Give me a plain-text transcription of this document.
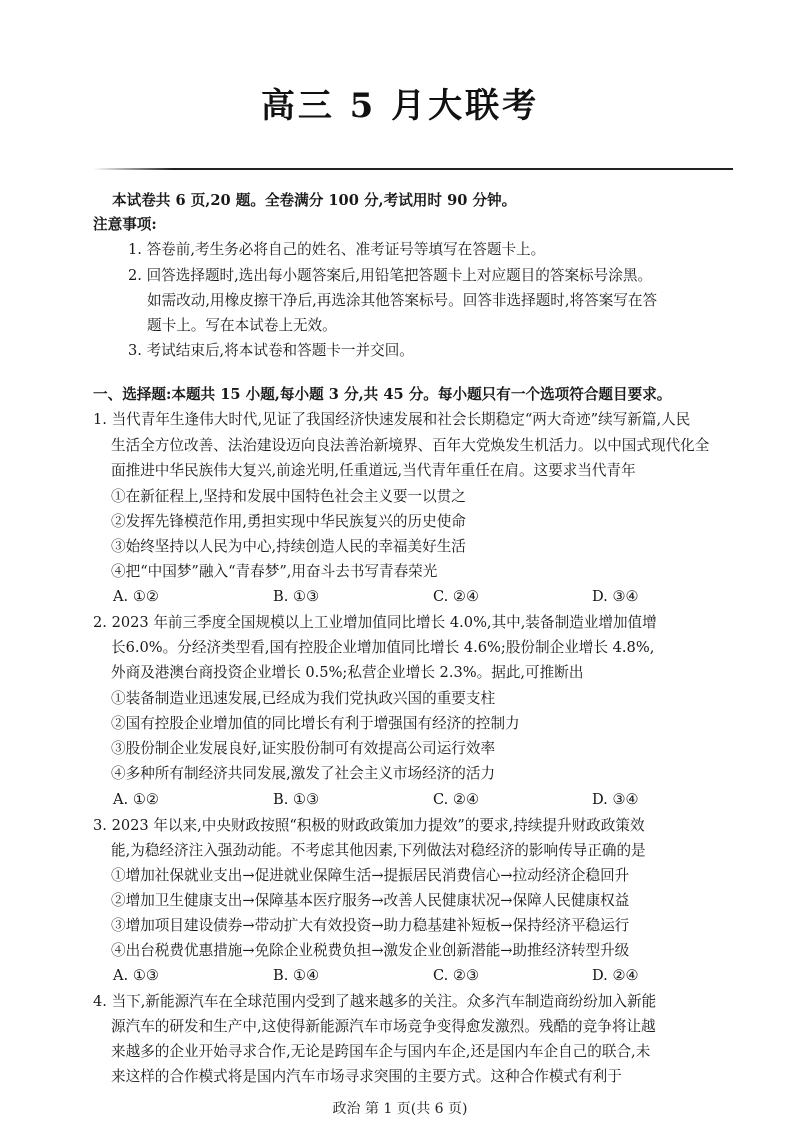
高三 5 月大联考
本试卷共 6 页,20 题。全卷满分 100 分,考试用时 90 分钟。
注意事项:
1. 答卷前,考生务必将自己的姓名、准考证号等填写在答题卡上。
2. 回答选择题时,选出每小题答案后,用铅笔把答题卡上对应题目的答案标号涂黑。
如需改动,用橡皮擦干净后,再选涂其他答案标号。回答非选择题时,将答案写在答
题卡上。写在本试卷上无效。
3. 考试结束后,将本试卷和答题卡一并交回。
一、选择题:本题共 15 小题,每小题 3 分,共 45 分。每小题只有一个选项符合题目要求。
1. 当代青年生逢伟大时代,见证了我国经济快速发展和社会长期稳定“两大奇迹”续写新篇,人民
生活全方位改善、法治建设迈向良法善治新境界、百年大党焕发生机活力。以中国式现代化全
面推进中华民族伟大复兴,前途光明,任重道远,当代青年重任在肩。这要求当代青年
①在新征程上,坚持和发展中国特色社会主义要一以贯之
②发挥先锋模范作用,勇担实现中华民族复兴的历史使命
③始终坚持以人民为中心,持续创造人民的幸福美好生活
④把“中国梦”融入“青春梦”,用奋斗去书写青春荣光
A. ①②	B. ①③	C. ②④	D. ③④
2. 2023 年前三季度全国规模以上工业增加值同比增长 4.0%,其中,装备制造业增加值增
长6.0%。分经济类型看,国有控股企业增加值同比增长 4.6%;股份制企业增长 4.8%,
外商及港澳台商投资企业增长 0.5%;私营企业增长 2.3%。据此,可推断出
①装备制造业迅速发展,已经成为我们党执政兴国的重要支柱
②国有控股企业增加值的同比增长有利于增强国有经济的控制力
③股份制企业发展良好,证实股份制可有效提高公司运行效率
④多种所有制经济共同发展,激发了社会主义市场经济的活力
A. ①②	B. ①③	C. ②④	D. ③④
3. 2023 年以来,中央财政按照“积极的财政政策加力提效”的要求,持续提升财政政策效
能,为稳经济注入强劲动能。不考虑其他因素,下列做法对稳经济的影响传导正确的是
①增加社保就业支出→促进就业保障生活→提振居民消费信心→拉动经济企稳回升
②增加卫生健康支出→保障基本医疗服务→改善人民健康状况→保障人民健康权益
③增加项目建设债券→带动扩大有效投资→助力稳基建补短板→保持经济平稳运行
④出台税费优惠措施→免除企业税费负担→激发企业创新潜能→助推经济转型升级
A. ①③	B. ①④	C. ②③	D. ②④
4. 当下,新能源汽车在全球范围内受到了越来越多的关注。众多汽车制造商纷纷加入新能
源汽车的研发和生产中,这使得新能源汽车市场竞争变得愈发激烈。残酷的竞争将让越
来越多的企业开始寻求合作,无论是跨国车企与国内车企,还是国内车企自己的联合,未
来这样的合作模式将是国内汽车市场寻求突围的主要方式。这种合作模式有利于
政治 第 1 页(共 6 页)
